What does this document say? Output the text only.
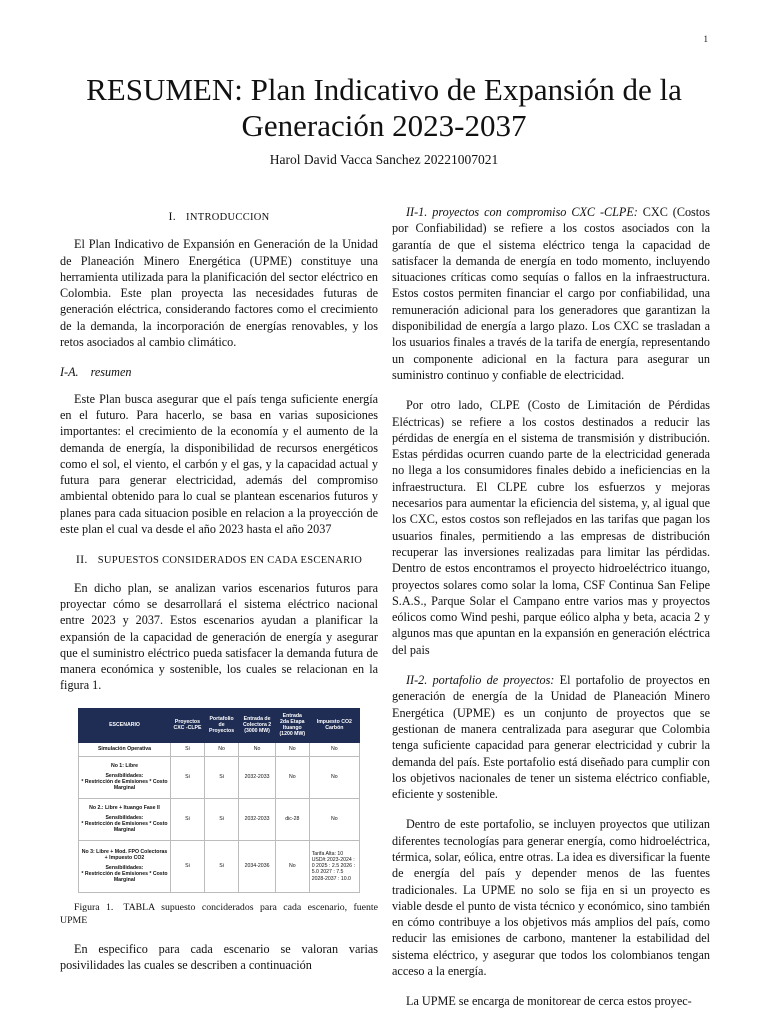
1
RESUMEN: Plan Indicativo de Expansión de la Generación 2023-2037
Harol David Vacca Sanchez 20221007021
I. INTRODUCCION

El Plan Indicativo de Expansión en Generación de la Unidad de Planeación Minero Energética (UPME) constituye una herramienta utilizada para la planificación del sector eléctrico en Colombia. Este plan proyecta las necesidades futuras de generación eléctrica, considerando factores como el crecimiento de la demanda, la incorporación de energías renovables, y los retos asociados al cambio climático.

I-A. resumen

Este Plan busca asegurar que el país tenga suficiente energía en el futuro. Para hacerlo, se basa en varias suposiciones importantes: el crecimiento de la economía y el aumento de la demanda de energía, la disponibilidad de recursos energéticos como el sol, el viento, el carbón y el gas, y la capacidad actual y futura para generar electricidad, además del compromiso ambiental obtenido para lo cual se plantean escenarios futuros y planes para cada situacion posible en relacion a la proyección de este plan el cual va desde el año 2023 hasta el año 2037

II. SUPUESTOS CONSIDERADOS EN CADA ESCENARIO

En dicho plan, se analizan varios escenarios futuros para proyectar cómo se desarrollará el sistema eléctrico nacional entre 2023 y 2037. Estos escenarios ayudan a planificar la expansión de la capacidad de generación de energía y asegurar que el suministro eléctrico pueda satisfacer la demanda futura de manera económica y sostenible, los cuales se relacionan en la figura 1.

ESCENARIO	Proyectos CXC -CLPE	Portafolio de Proyectos	Entrada de Colectora 2 (3000 MW)	Entrada 2da Etapa Ituango (1200 MW)	Impuesto CO2 Carbón

Simulación Operativa	Si	No	No	No	No

No 1: Libre
Sensibilidades:
* Restricción de Emisiones * Costo Marginal	Si	Si	2032-2033	No	No

No 2.: Libre + Ituango Fase II
Sensibilidades:
* Restricción de Emisiones * Costo Marginal	Si	Si	2032-2033	dic-28	No

No 3: Libre + Mod. FPO Colectoras + Impuesto CO2
Sensibilidades:
* Restricción de Emisiones * Costo Marginal	Si	Si	2034-2036	No	Tarifa Alta: 10 USD/t 2023-2024 : 0 2025 : 2.5 2026 : 5.0 2027 : 7.5 2028-2037 : 10.0

Figura 1. TABLA supuesto conciderados para cada escenario, fuente UPME

En especifico para cada escenario se valoran varias posivilidades las cuales se describen a continuación

II-1. proyectos con compromiso CXC -CLPE: CXC (Costos por Confiabilidad) se refiere a los costos asociados con la garantía de que el sistema eléctrico tenga la capacidad de satisfacer la demanda de energía en todo momento, incluyendo situaciones críticas como sequías o fallos en la infraestructura. Estos costos permiten financiar el cargo por confiabilidad, una remuneración adicional para los generadores que garantizan la disponibilidad de energía a largo plazo. Los CXC se trasladan a los usuarios finales a través de la tarifa de energía, representando un componente adicional en la factura para asegurar un suministro continuo y confiable de electricidad.

Por otro lado, CLPE (Costo de Limitación de Pérdidas Eléctricas) se refiere a los costos destinados a reducir las pérdidas de energía en el sistema de transmisión y distribución. Estas pérdidas ocurren cuando parte de la electricidad generada no llega a los consumidores finales debido a ineficiencias en la infraestructura. El CLPE cubre los esfuerzos y mejoras necesarios para aumentar la eficiencia del sistema, y, al igual que los CXC, estos costos son reflejados en las tarifas que pagan los usuarios finales, permitiendo a las empresas de distribución recuperar las inversiones realizadas para limitar las pérdidas. Dentro de estos encontramos el proyecto hidroeléctrico ituango, proyectos solares como solar la loma, CSF Continua San Felipe S.A.S., Parque Solar el Campano entre varios mas y proyectos eólicos como Wind peshi, parque eólico alpha y beta, acacia 2 y algunos mas que apuntan en la expansión en generación eléctrica del pais

II-2. portafolio de proyectos: El portafolio de proyectos en generación de energía de la Unidad de Planeación Minero Energética (UPME) es un conjunto de proyectos que se gestionan de manera centralizada para asegurar que Colombia tenga suficiente capacidad para generar electricidad y cubrir la demanda del país. Este portafolio está diseñado para cumplir con los objetivos nacionales de tener un sistema eléctrico confiable, eficiente y sostenible.

Dentro de este portafolio, se incluyen proyectos que utilizan diferentes tecnologías para generar energía, como hidroeléctrica, térmica, solar, eólica, entre otras. La idea es diversificar la fuente de energía del país y depender menos de las fuentes tradicionales. La UPME no solo se fija en si un proyecto es viable desde el punto de vista técnico y económico, sino también en cómo contribuye a los objetivos más amplios del país, como reducir las emisiones de carbono, mantener la estabilidad del sistema eléctrico, y asegurar que todos los colombianos tengan acceso a la energía.

La UPME se encarga de monitorear de cerca estos proyec-
